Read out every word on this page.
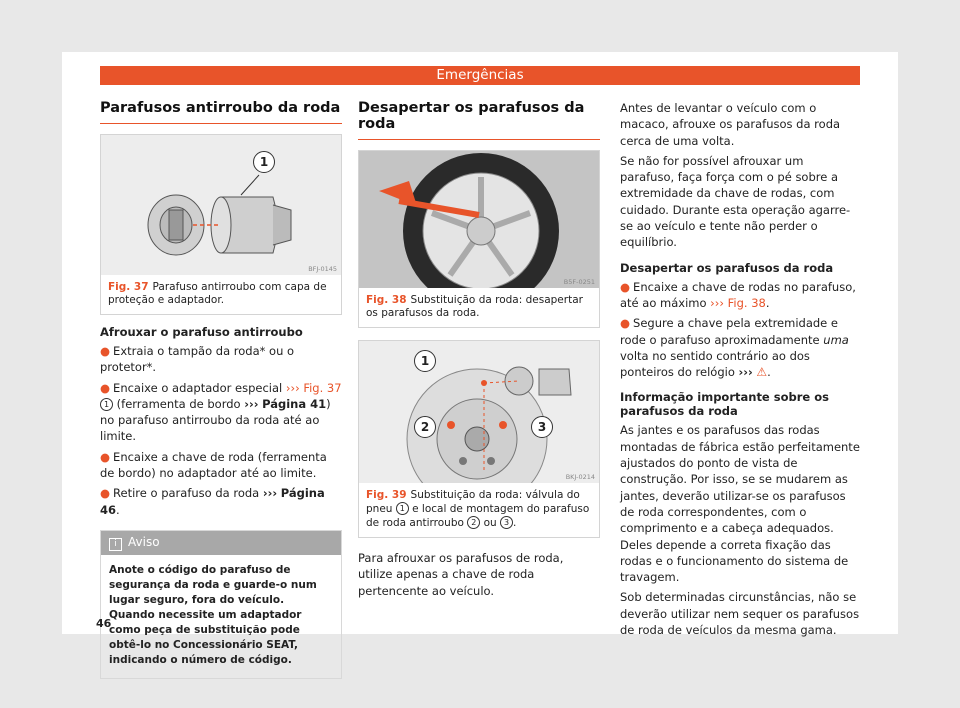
Emergências
Parafusos antirroubo da roda
1
BFJ-0145
Fig. 37 Parafuso antirroubo com capa de proteção e adaptador.
Afrouxar o parafuso antirroubo
● Extraia o tampão da roda* ou o protetor*.
● Encaixe o adaptador especial ››› Fig. 37 1 (ferramenta de bordo ››› Página 41) no parafuso antirroubo da roda até ao limite.
● Encaixe a chave de roda (ferramenta de bordo) no adaptador até ao limite.
● Retire o parafuso da roda ››› Página 46.
i Aviso
Anote o código do parafuso de segurança da roda e guarde-o num lugar seguro, fora do veículo. Quando necessite um adaptador como peça de substituição pode obtê-lo no Concessionário SEAT, indicando o número de código.
Desapertar os parafusos da roda
B5F-0251
Fig. 38 Substituição da roda: desapertar os parafusos da roda.
1
2	3
BKJ-0214
Fig. 39 Substituição da roda: válvula do pneu 1 e local de montagem do parafuso de roda antirroubo 2 ou 3 .

Para afrouxar os parafusos de roda, utilize apenas a chave de roda pertencente ao veículo.

Antes de levantar o veículo com o macaco, afrouxe os parafusos da roda cerca de uma volta.

Se não for possível afrouxar um parafuso, faça força com o pé sobre a extremidade da chave de rodas, com cuidado. Durante esta operação agarre-se ao veículo e tente não perder o equilíbrio.

Desapertar os parafusos da roda
● Encaixe a chave de rodas no parafuso, até ao máximo ››› Fig. 38.
● Segure a chave pela extremidade e rode o parafuso aproximadamente uma volta no sentido contrário ao dos ponteiros do relógio ››› ⚠.
Informação importante sobre os parafusos da roda

As jantes e os parafusos das rodas montadas de fábrica estão perfeitamente ajustados do ponto de vista de construção. Por isso, se se mudarem as jantes, deverão utilizar-se os parafusos de roda correspondentes, com o comprimento e a cabeça adequados. Deles depende a correta fixação das rodas e o funcionamento do sistema de travagem.

Sob determinadas circunstâncias, não se deverão utilizar nem sequer os parafusos de roda de veículos da mesma gama.

46
